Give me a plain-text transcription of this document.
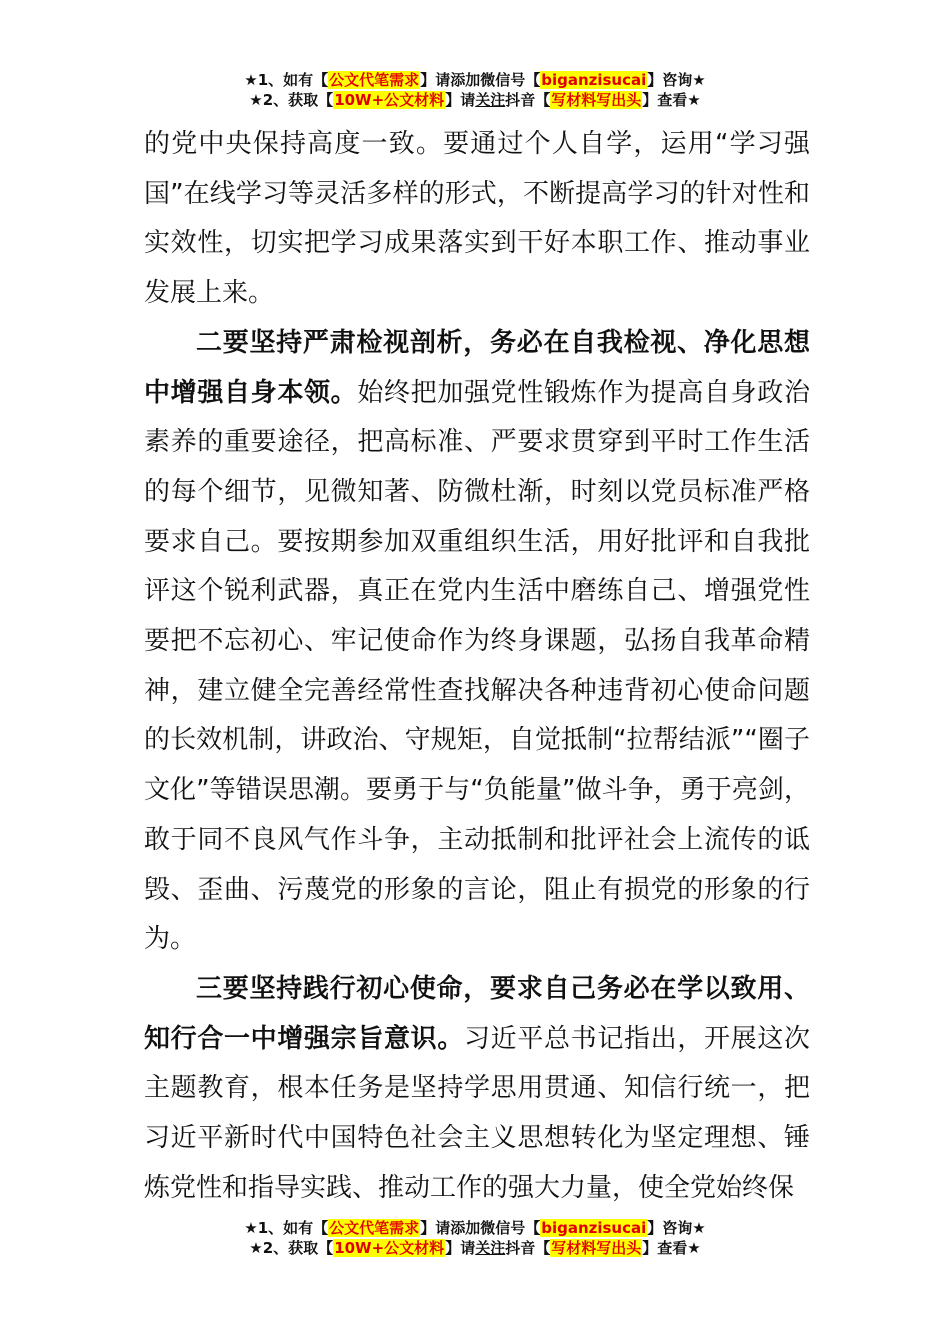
★1、如有【公文代笔需求】请添加微信号【biganzisucai】咨询★
★2、获取【10W+公文材料】请关注抖音【写材料写出头】查看★

的党中央保持高度一致。要通过个人自学，运用“学习强国”在线学习等灵活多样的形式，不断提高学习的针对性和实效性，切实把学习成果落实到干好本职工作、推动事业发展上来。

二要坚持严肃检视剖析，务必在自我检视、净化思想中增强自身本领。始终把加强党性锻炼作为提高自身政治素养的重要途径，把高标准、严要求贯穿到平时工作生活的每个细节，见微知著、防微杜渐，时刻以党员标准严格要求自己。要按期参加双重组织生活，用好批评和自我批评这个锐利武器，真正在党内生活中磨练自己、增强党性要把不忘初心、牢记使命作为终身课题，弘扬自我革命精神，建立健全完善经常性查找解决各种违背初心使命问题的长效机制，讲政治、守规矩，自觉抵制“拉帮结派”“圈子文化”等错误思潮。要勇于与“负能量”做斗争，勇于亮剑，敢于同不良风气作斗争，主动抵制和批评社会上流传的诋毁、歪曲、污蔑党的形象的言论，阻止有损党的形象的行为。

三要坚持践行初心使命，要求自己务必在学以致用、知行合一中增强宗旨意识。习近平总书记指出，开展这次主题教育，根本任务是坚持学思用贯通、知信行统一，把习近平新时代中国特色社会主义思想转化为坚定理想、锤炼党性和指导实践、推动工作的强大力量，使全党始终保

★1、如有【公文代笔需求】请添加微信号【biganzisucai】咨询★
★2、获取【10W+公文材料】请关注抖音【写材料写出头】查看★
